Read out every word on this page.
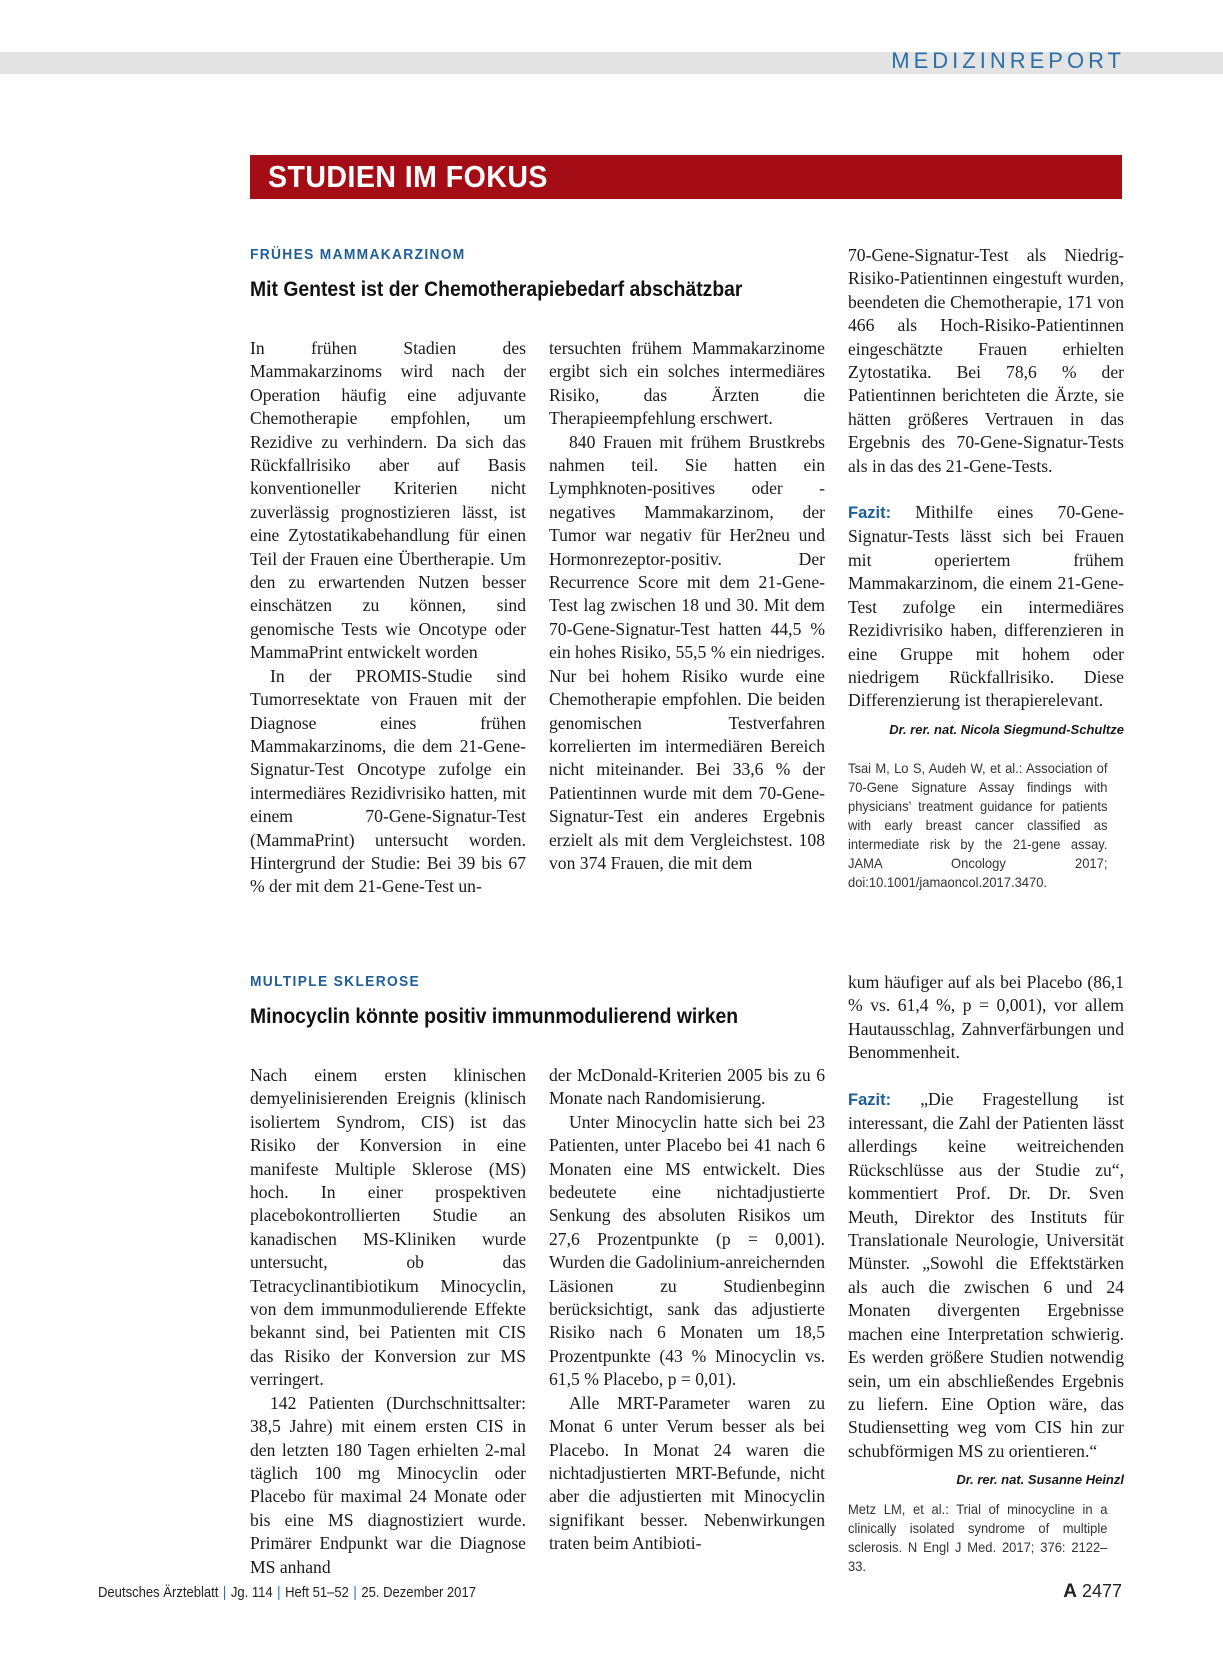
MEDIZINREPORT
STUDIEN IM FOKUS
FRÜHES MAMMAKARZINOM
Mit Gentest ist der Chemotherapiebedarf abschätzbar

In frühen Stadien des Mammakarzinoms wird nach der Operation häufig eine adjuvante Chemotherapie empfohlen, um Rezidive zu verhindern. Da sich das Rückfallrisiko aber auf Basis konventioneller Kriterien nicht zuverlässig prognostizieren lässt, ist eine Zytostatikabehandlung für einen Teil der Frauen eine Übertherapie. Um den zu erwartenden Nutzen besser einschätzen zu können, sind genomische Tests wie Oncotype oder MammaPrint entwickelt worden

In der PROMIS-Studie sind Tumorresektate von Frauen mit der Diagnose eines frühen Mammakarzinoms, die dem 21-Gene-Signatur-Test Oncotype zufolge ein intermediäres Rezidivrisiko hatten, mit einem 70-Gene-Signatur-Test (MammaPrint) untersucht worden. Hintergrund der Studie: Bei 39 bis 67 % der mit dem 21-Gene-Test un-

tersuchten frühem Mammakarzinome ergibt sich ein solches intermediäres Risiko, das Ärzten die Therapieempfehlung erschwert.

840 Frauen mit frühem Brustkrebs nahmen teil. Sie hatten ein Lymphknoten-positives oder -negatives Mammakarzinom, der Tumor war negativ für Her2neu und Hormonrezeptor-positiv. Der Recurrence Score mit dem 21-Gene-Test lag zwischen 18 und 30. Mit dem 70-Gene-Signatur-Test hatten 44,5 % ein hohes Risiko, 55,5 % ein niedriges. Nur bei hohem Risiko wurde eine Chemotherapie empfohlen. Die beiden genomischen Testverfahren korrelierten im intermediären Bereich nicht miteinander. Bei 33,6 % der Patientinnen wurde mit dem 70-Gene-Signatur-Test ein anderes Ergebnis erzielt als mit dem Vergleichstest. 108 von 374 Frauen, die mit dem

70-Gene-Signatur-Test als Niedrig-Risiko-Patientinnen eingestuft wurden, beendeten die Chemotherapie, 171 von 466 als Hoch-Risiko-Patientinnen eingeschätzte Frauen erhielten Zytostatika. Bei 78,6 % der Patientinnen berichteten die Ärzte, sie hätten größeres Vertrauen in das Ergebnis des 70-Gene-Signatur-Tests als in das des 21-Gene-Tests.

Fazit: Mithilfe eines 70-Gene-Signatur-Tests lässt sich bei Frauen mit operiertem frühem Mammakarzinom, die einem 21-Gene-Test zufolge ein intermediäres Rezidivrisiko haben, differenzieren in eine Gruppe mit hohem oder niedrigem Rückfallrisiko. Diese Differenzierung ist therapierelevant.

Dr. rer. nat. Nicola Siegmund-Schultze
Tsai M, Lo S, Audeh W, et al.: Association of 70-Gene Signature Assay findings with physicians’ treatment guidance for patients with early breast cancer classified as intermediate risk by the 21-gene assay. JAMA Oncology 2017; doi:10.1001/jamaoncol.2017.3470.
MULTIPLE SKLEROSE
Minocyclin könnte positiv immunmodulierend wirken

Nach einem ersten klinischen demyelinisierenden Ereignis (klinisch isoliertem Syndrom, CIS) ist das Risiko der Konversion in eine manifeste Multiple Sklerose (MS) hoch. In einer prospektiven placebokontrollierten Studie an kanadischen MS-Kliniken wurde untersucht, ob das Tetracyclinantibiotikum Minocyclin, von dem immunmodulierende Effekte bekannt sind, bei Patienten mit CIS das Risiko der Konversion zur MS verringert.

142 Patienten (Durchschnittsalter: 38,5 Jahre) mit einem ersten CIS in den letzten 180 Tagen erhielten 2-mal täglich 100 mg Minocyclin oder Placebo für maximal 24 Monate oder bis eine MS diagnostiziert wurde. Primärer Endpunkt war die Diagnose MS anhand

der McDonald-Kriterien 2005 bis zu 6 Monate nach Randomisierung.

Unter Minocyclin hatte sich bei 23 Patienten, unter Placebo bei 41 nach 6 Monaten eine MS entwickelt. Dies bedeutete eine nichtadjustierte Senkung des absoluten Risikos um 27,6 Prozentpunkte (p = 0,001). Wurden die Gadolinium-anreichernden Läsionen zu Studienbeginn berücksichtigt, sank das adjustierte Risiko nach 6 Monaten um 18,5 Prozentpunkte (43 % Minocyclin vs. 61,5 % Placebo, p = 0,01).

Alle MRT-Parameter waren zu Monat 6 unter Verum besser als bei Placebo. In Monat 24 waren die nichtadjustierten MRT-Befunde, nicht aber die adjustierten mit Minocyclin signifikant besser. Nebenwirkungen traten beim Antibioti-

kum häufiger auf als bei Placebo (86,1 % vs. 61,4 %, p = 0,001), vor allem Hautausschlag, Zahnverfärbungen und Benommenheit.

Fazit: „Die Fragestellung ist interessant, die Zahl der Patienten lässt allerdings keine weitreichenden Rückschlüsse aus der Studie zu“, kommentiert Prof. Dr. Dr. Sven Meuth, Direktor des Instituts für Translationale Neurologie, Universität Münster. „Sowohl die Effektstärken als auch die zwischen 6 und 24 Monaten divergenten Ergebnisse machen eine Interpretation schwierig. Es werden größere Studien notwendig sein, um ein abschließendes Ergebnis zu liefern. Eine Option wäre, das Studiensetting weg vom CIS hin zur schubförmigen MS zu orientieren.“

Dr. rer. nat. Susanne Heinzl
Metz LM, et al.: Trial of minocycline in a clinically isolated syndrome of multiple sclerosis. N Engl J Med. 2017; 376: 2122–33.
Deutsches Ärzteblatt | Jg. 114 | Heft 51–52 | 25. Dezember 2017	A 2477
